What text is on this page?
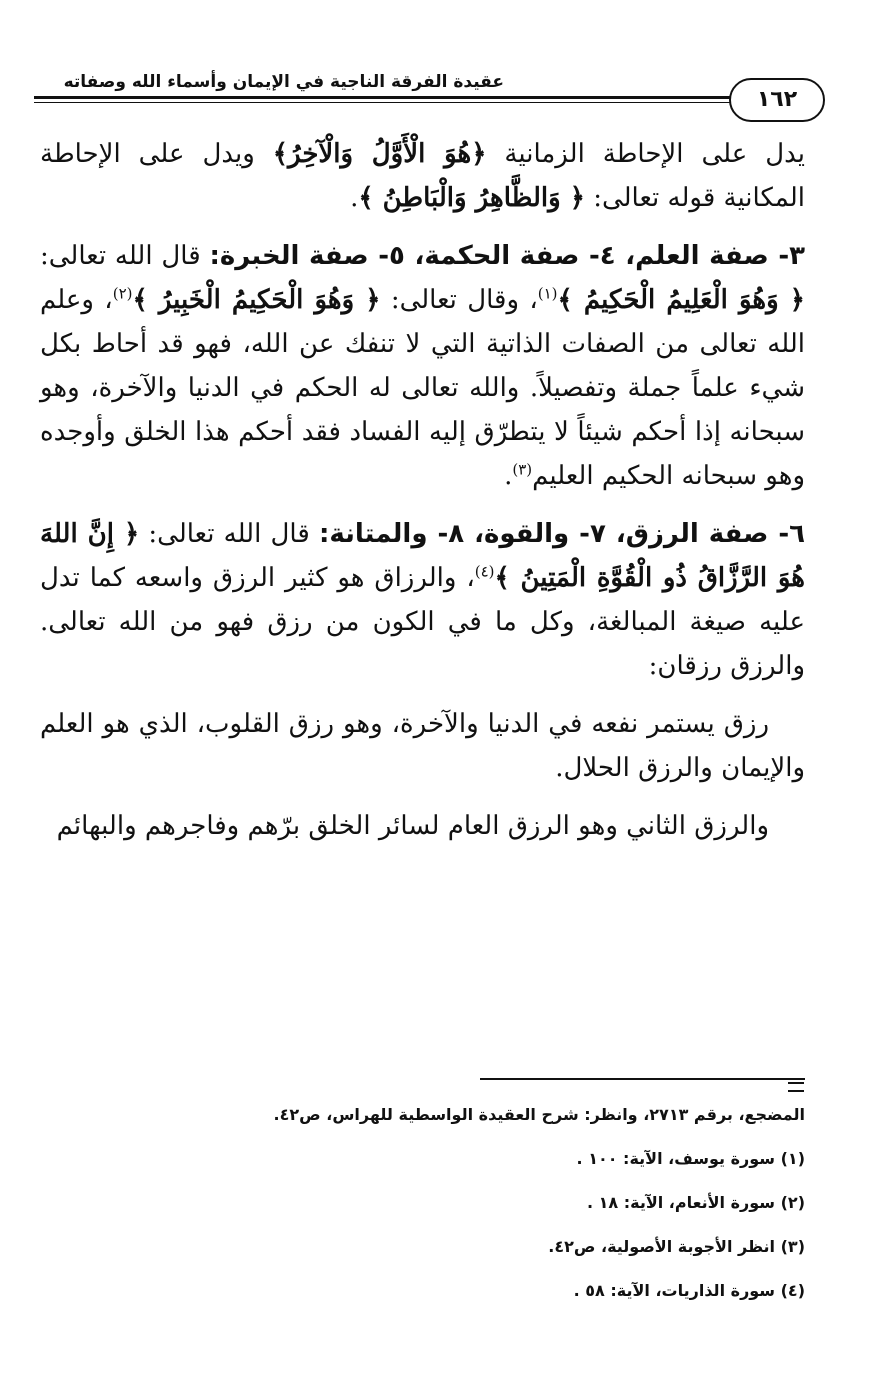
عقيدة الفرقة الناجية في الإيمان وأسماء الله وصفاته
١٦٢

يدل على الإحاطة الزمانية ﴿هُوَ الْأَوَّلُ وَالْآخِرُ﴾ ويدل على الإحاطة المكانية قوله تعالى: ﴿ وَالظَّاهِرُ وَالْبَاطِنُ ﴾.

٣- صفة العلم، ٤- صفة الحكمة، ٥- صفة الخبرة: قال الله تعالى: ﴿ وَهُوَ الْعَلِيمُ الْحَكِيمُ ﴾$^{(١)}$، وقال تعالى: ﴿ وَهُوَ الْحَكِيمُ الْخَبِيرُ ﴾$^{(٢)}$، وعلم الله تعالى من الصفات الذاتية التي لا تنفك عن الله، فهو قد أحاط بكل شيء علماً جملة وتفصيلاً. والله تعالى له الحكم في الدنيا والآخرة، وهو سبحانه إذا أحكم شيئاً لا يتطرّق إليه الفساد فقد أحكم هذا الخلق وأوجده وهو سبحانه الحكيم العليم$^{(٣)}$.

٦- صفة الرزق، ٧- والقوة، ٨- والمتانة: قال الله تعالى: ﴿ إِنَّ اللهَ هُوَ الرَّزَّاقُ ذُو الْقُوَّةِ الْمَتِينُ ﴾$^{(٤)}$، والرزاق هو كثير الرزق واسعه كما تدل عليه صيغة المبالغة، وكل ما في الكون من رزق فهو من الله تعالى. والرزق رزقان:

رزق يستمر نفعه في الدنيا والآخرة، وهو رزق القلوب، الذي هو العلم والإيمان والرزق الحلال.

والرزق الثاني وهو الرزق العام لسائر الخلق برّهم وفاجرهم والبهائم

المضجع، برقم ٢٧١٣، وانظر: شرح العقيدة الواسطية للهراس، ص٤٢.
(١) سورة يوسف، الآية: ١٠٠ .
(٢) سورة الأنعام، الآية: ١٨ .
(٣) انظر الأجوبة الأصولية، ص٤٢.
(٤) سورة الذاريات، الآية: ٥٨ .
